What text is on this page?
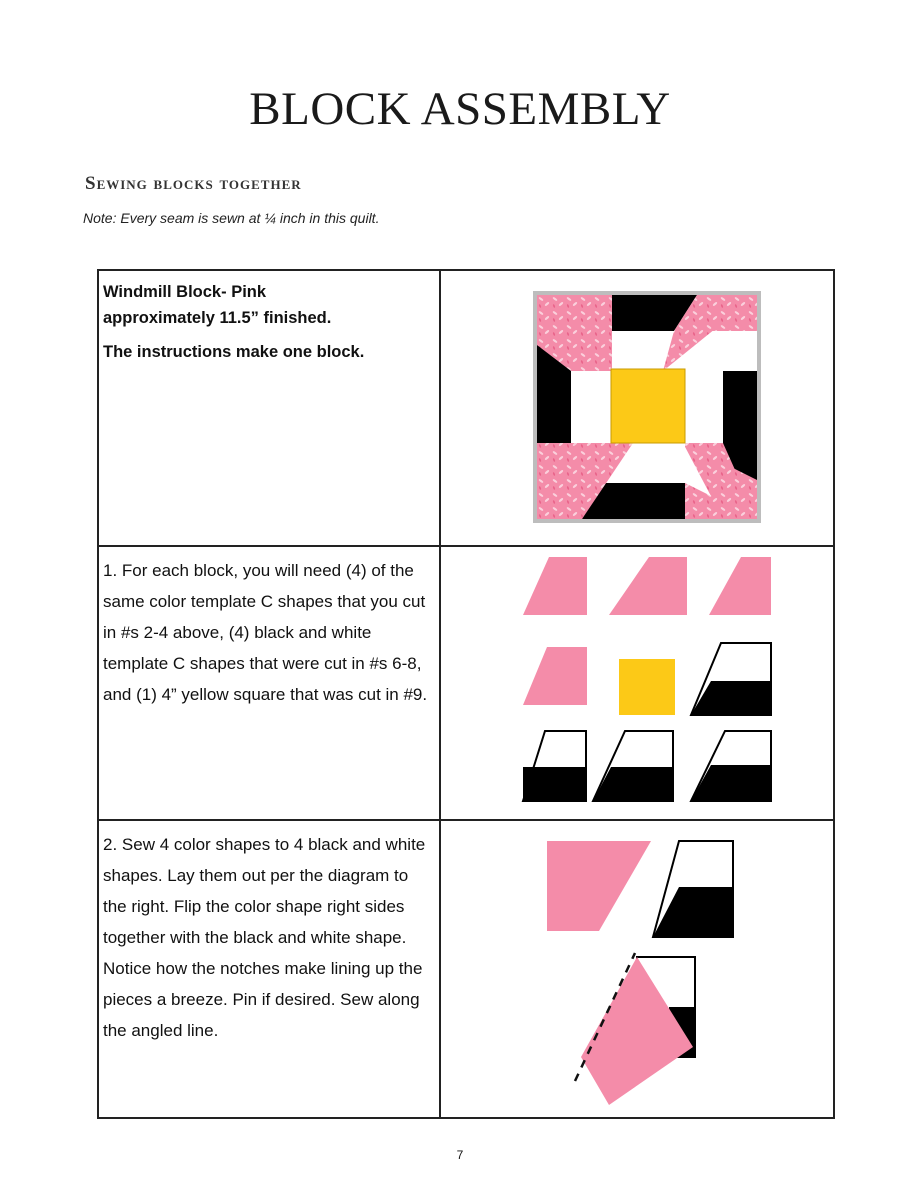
BLOCK ASSEMBLY
Sewing blocks together
Note: Every seam is sewn at ¼ inch in this quilt.
Windmill Block- Pink

approximately 11.5” finished.

The instructions make one block.

1. For each block, you will need (4) of the same color template C shapes that you cut in #s 2-4 above, (4) black and white template C shapes that were cut in #s 6-8, and (1) 4” yellow square that was cut in #9.

2. Sew 4 color shapes to 4 black and white shapes. Lay them out per the diagram to the right. Flip the color shape right sides together with the black and white shape. Notice how the notches make lining up the pieces a breeze. Pin if desired. Sew along the angled line.

7
